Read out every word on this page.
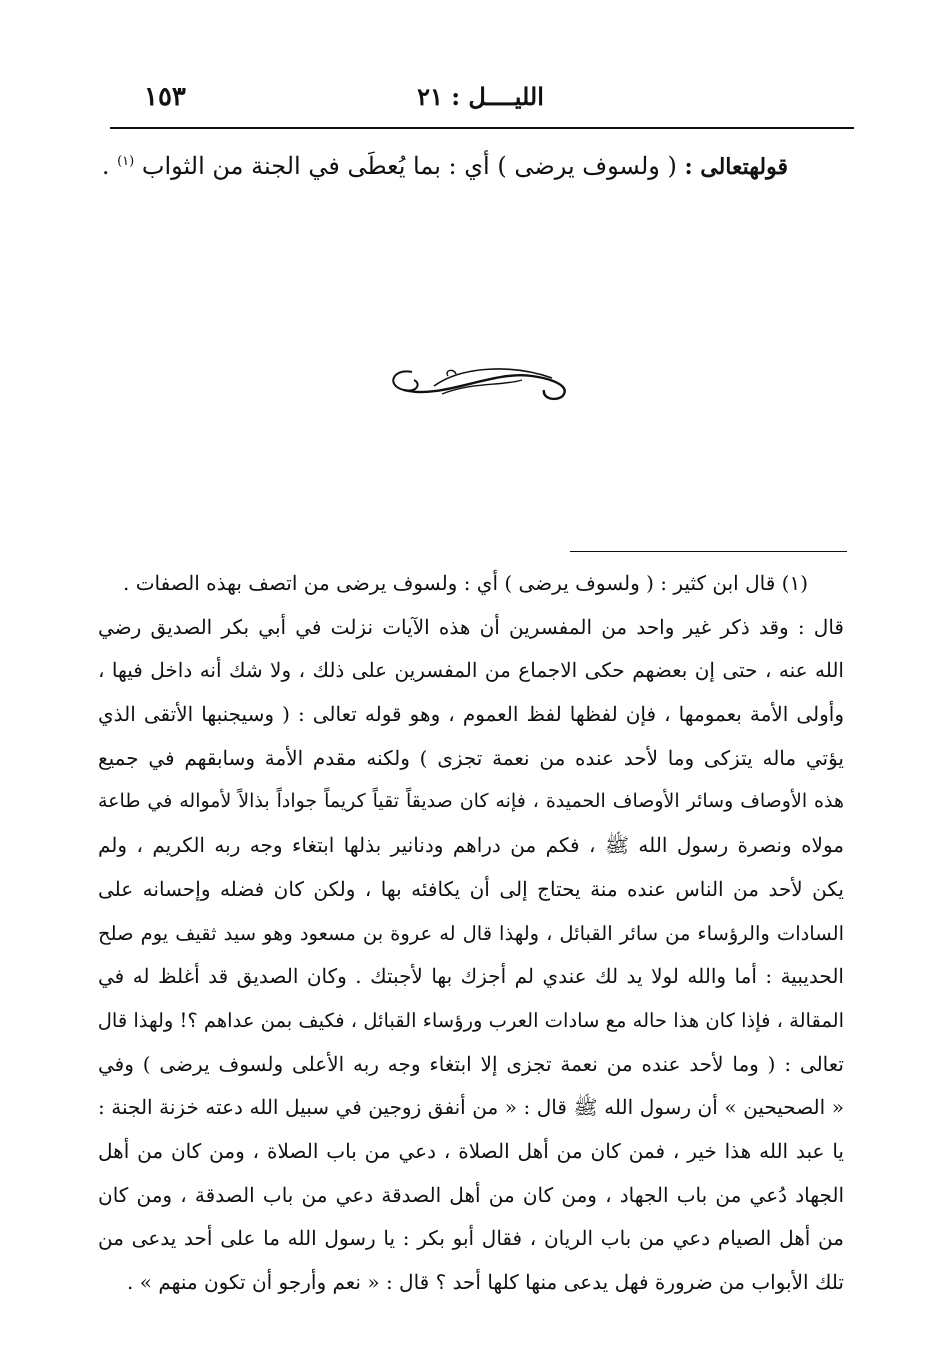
١٥٣	الليــــل : ٢١
قولهتعالى : ( ولسوف يرضى ) أي : بما يُعطَى في الجنة من الثواب $^{(١)}$ .
(١) قال ابن كثير : ( ولسوف يرضى ) أي : ولسوف يرضى من اتصف بهذه الصفات .
قال : وقد ذكر غير واحد من المفسرين أن هذه الآيات نزلت في أبي بكر الصديق رضي
الله عنه ، حتى إن بعضهم حكى الاجماع من المفسرين على ذلك ، ولا شك أنه داخل فيها ،
وأولى الأمة بعمومها ، فإن لفظها لفظ العموم ، وهو قوله تعالى : ( وسيجنبها الأتقى الذي
يؤتي ماله يتزكى وما لأحد عنده من نعمة تجزى ) ولكنه مقدم الأمة وسابقهم في جميع
هذه الأوصاف وسائر الأوصاف الحميدة ، فإنه كان صديقاً تقياً كريماً جواداً بذالاً لأمواله في طاعة
مولاه ونصرة رسول الله ﷺ ، فكم من دراهم ودنانير بذلها ابتغاء وجه ربه الكريم ، ولم
يكن لأحد من الناس عنده منة يحتاج إلى أن يكافئه بها ، ولكن كان فضله وإحسانه على
السادات والرؤساء من سائر القبائل ، ولهذا قال له عروة بن مسعود وهو سيد ثقيف يوم صلح
الحديبية : أما والله لولا يد لك عندي لم أجزك بها لأجبتك . وكان الصديق قد أغلظ له في
المقالة ، فإذا كان هذا حاله مع سادات العرب ورؤساء القبائل ، فكيف بمن عداهم ؟! ولهذا قال
تعالى : ( وما لأحد عنده من نعمة تجزى إلا ابتغاء وجه ربه الأعلى ولسوف يرضى ) وفي
« الصحيحين » أن رسول الله ﷺ قال : « من أنفق زوجين في سبيل الله دعته خزنة الجنة :
يا عبد الله هذا خير ، فمن كان من أهل الصلاة ، دعي من باب الصلاة ، ومن كان من أهل
الجهاد دُعي من باب الجهاد ، ومن كان من أهل الصدقة دعي من باب الصدقة ، ومن كان
من أهل الصيام دعي من باب الريان ، فقال أبو بكر : يا رسول الله ما على أحد يدعى من
تلك الأبواب من ضرورة فهل يدعى منها كلها أحد ؟ قال : « نعم وأرجو أن تكون منهم » .
